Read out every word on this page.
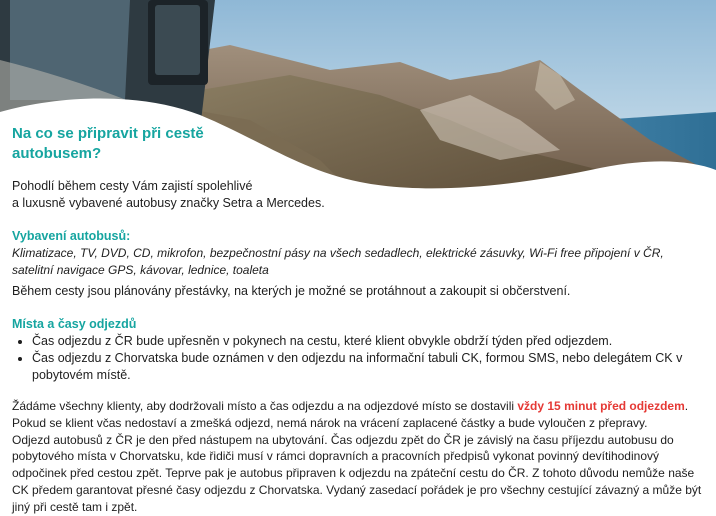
Na co se připravit při cestě
autobusem?

Pohodlí během cesty Vám zajistí spolehlivé
a luxusně vybavené autobusy značky Setra a Mercedes.

Vybavení autobusů:

Klimatizace, TV, DVD, CD, mikrofon, bezpečnostní pásy na všech sedadlech, elektrické zásuvky, Wi-Fi free připojení v ČR, satelitní navigace GPS, kávovar, lednice, toaleta

Během cesty jsou plánovány přestávky, na kterých je možné se protáhnout a zakoupit si občerstvení.

Místa a časy odjezdů
• Čas odjezdu z ČR bude upřesněn v pokynech na cestu, které klient obvykle obdrží týden před odjezdem.
• Čas odjezdu z Chorvatska bude oznámen v den odjezdu na informační tabuli CK, formou SMS, nebo delegátem CK v pobytovém místě.

Žádáme všechny klienty, aby dodržovali místo a čas odjezdu a na odjezdové místo se dostavili vždy 15 minut před odjezdem. Pokud se klient včas nedostaví a zmešká odjezd, nemá nárok na vrácení zaplacené částky a bude vyloučen z přepravy.

Odjezd autobusů z ČR je den před nástupem na ubytování. Čas odjezdu zpět do ČR je závislý na času příjezdu autobusu do pobytového místa v Chorvatsku, kde řidiči musí v rámci dopravních a pracovních předpisů vykonat povinný devítihodinový odpočinek před cestou zpět. Teprve pak je autobus připraven k odjezdu na zpáteční cestu do ČR. Z tohoto důvodu nemůže naše CK předem garantovat přesné časy odjezdu z Chorvatska. Vydaný zasedací pořádek je pro všechny cestující závazný a může být jiný při cestě tam i zpět.
